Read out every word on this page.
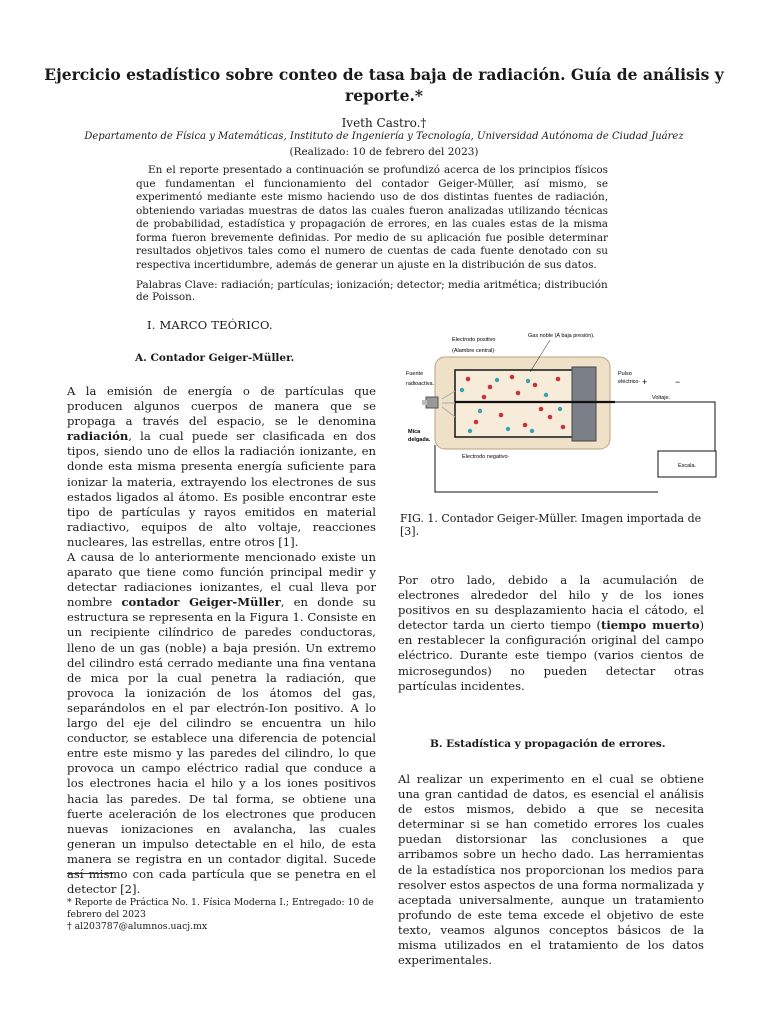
Ejercicio estadístico sobre conteo de tasa baja de radiación. Guía de análisis y reporte.*
Iveth Castro.†
Departamento de Física y Matemáticas, Instituto de Ingeniería y Tecnología, Universidad Autónoma de Ciudad Juárez
(Realizado: 10 de febrero del 2023)

En el reporte presentado a continuación se profundizó acerca de los principios físicos que fundamentan el funcionamiento del contador Geiger-Müller, así mismo, se experimentó mediante este mismo haciendo uso de dos distintas fuentes de radiación, obteniendo variadas muestras de datos las cuales fueron analizadas utilizando técnicas de probabilidad, estadística y propagación de errores, en las cuales estas de la misma forma fueron brevemente definidas. Por medio de su aplicación fue posible determinar resultados objetivos tales como el numero de cuentas de cada fuente denotado con su respectiva incertidumbre, además de generar un ajuste en la distribución de sus datos.

Palabras Clave: radiación; partículas; ionización; detector; media aritmética; distribución de Poisson.
I. MARCO TEÓRICO.
A. Contador Geiger-Müller.

A la emisión de energía o de partículas que producen algunos cuerpos de manera que se propaga a través del espacio, se le denomina radiación, la cual puede ser clasificada en dos tipos, siendo uno de ellos la radiación ionizante, en donde esta misma presenta energía suficiente para ionizar la materia, extrayendo los electrones de sus estados ligados al átomo. Es posible encontrar este tipo de partículas y rayos emitidos en material radiactivo, equipos de alto voltaje, reacciones nucleares, las estrellas, entre otros [1].

A causa de lo anteriormente mencionado existe un aparato que tiene como función principal medir y detectar radiaciones ionizantes, el cual lleva por nombre contador Geiger-Müller, en donde su estructura se representa en la Figura 1. Consiste en un recipiente cilíndrico de paredes conductoras, lleno de un gas (noble) a baja presión. Un extremo del cilindro está cerrado mediante una fina ventana de mica por la cual penetra la radiación, que provoca la ionización de los átomos del gas, separándolos en el par electrón-Ion positivo. A lo largo del eje del cilindro se encuentra un hilo conductor, se establece una diferencia de potencial entre este mismo y las paredes del cilindro, lo que provoca un campo eléctrico radial que conduce a los electrones hacia el hilo y a los iones positivos hacia las paredes. De tal forma, se obtiene una fuerte aceleración de los electrones que producen nuevas ionizaciones en avalancha, las cuales generan un impulso detectable en el hilo, de esta manera se registra en un contador digital. Sucede así mismo con cada partícula que se penetra en el detector [2].

* Reporte de Práctica No. 1. Física Moderna I.; Entregado: 10 de febrero del 2023

† al203787@alumnos.uacj.mx

Electrodo positivo
(Alambre central)·
Gas noble (A baja presión).
Fuente
radioactiva.
Pulso
eléctrico· +	−
Voltaje.
Mica
delgada.
Electrodo negativo·
Escala.
FIG. 1. Contador Geiger-Müller. Imagen importada de [3].

Por otro lado, debido a la acumulación de electrones alrededor del hilo y de los iones positivos en su desplazamiento hacia el cátodo, el detector tarda un cierto tiempo (tiempo muerto) en restablecer la configuración original del campo eléctrico. Durante este tiempo (varios cientos de microsegundos) no pueden detectar otras partículas incidentes.

B. Estadística y propagación de errores.

Al realizar un experimento en el cual se obtiene una gran cantidad de datos, es esencial el análisis de estos mismos, debido a que se necesita determinar si se han cometido errores los cuales puedan distorsionar las conclusiones a que arribamos sobre un hecho dado. Las herramientas de la estadística nos proporcionan los medios para resolver estos aspectos de una forma normalizada y aceptada universalmente, aunque un tratamiento profundo de este tema excede el objetivo de este texto, veamos algunos conceptos básicos de la misma utilizados en el tratamiento de los datos experimentales.
